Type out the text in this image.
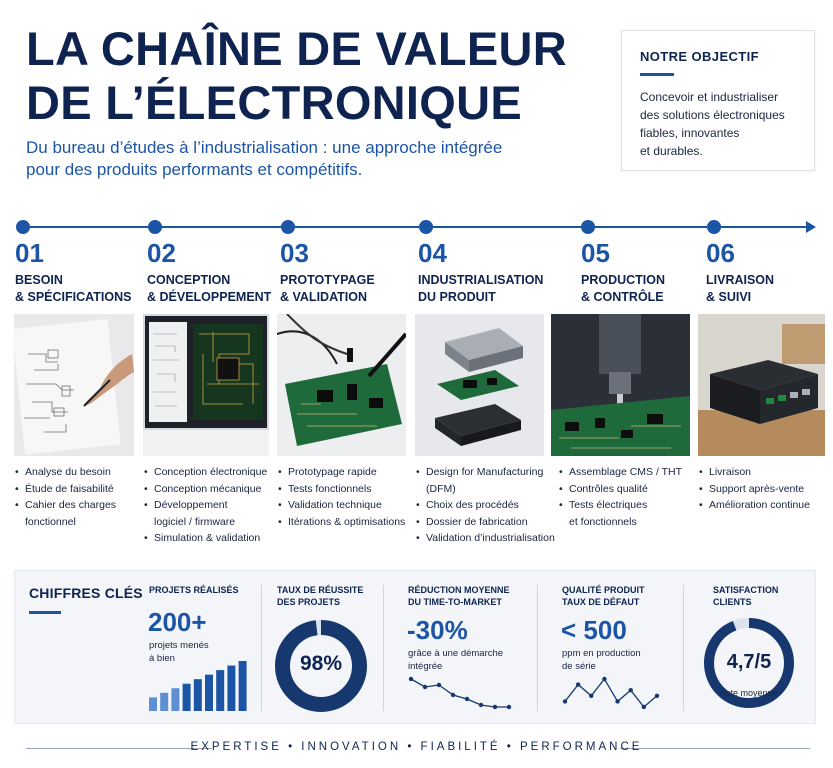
LA CHAÎNE DE VALEUR
DE L’ÉLECTRONIQUE
Du bureau d’études à l’industrialisation : une approche intégrée
pour des produits performants et compétitifs.
NOTRE OBJECTIF

Concevoir et industrialiser
des solutions électroniques
fiables, innovantes
et durables.

01
BESOIN
& SPÉCIFICATIONS
02
CONCEPTION
& DÉVELOPPEMENT
03
PROTOTYPAGE
& VALIDATION
04
INDUSTRIALISATION
DU PRODUIT
05
PRODUCTION
& CONTRÔLE
06
LIVRAISON
& SUIVI
• Analyse du besoin
• Étude de faisabilité
• Cahier des charges
fonctionnel
• Conception électronique
• Conception mécanique
• Développement
logiciel / firmware
• Simulation & validation
• Prototypage rapide
• Tests fonctionnels
• Validation technique
• Itérations & optimisations
• Design for Manufacturing
(DFM)
• Choix des procédés
• Dossier de fabrication
• Validation d’industrialisation
• Assemblage CMS / THT
• Contrôles qualité
• Tests électriques
et fonctionnels
• Livraison
• Support après-vente
• Amélioration continue
CHIFFRES CLÉS PROJETS RÉALISÉS
200+
projets menés
à bien
TAUX DE RÉUSSITE
DES PROJETS
98%
RÉDUCTION MOYENNE
DU TIME-TO-MARKET
-30%
grâce à une démarche
intégrée
QUALITÉ PRODUIT
TAUX DE DÉFAUT
< 500
ppm en production
de série
SATISFACTION
CLIENTS
4,7/5
note moyenne
EXPERTISE • INNOVATION • FIABILITÉ • PERFORMANCE
